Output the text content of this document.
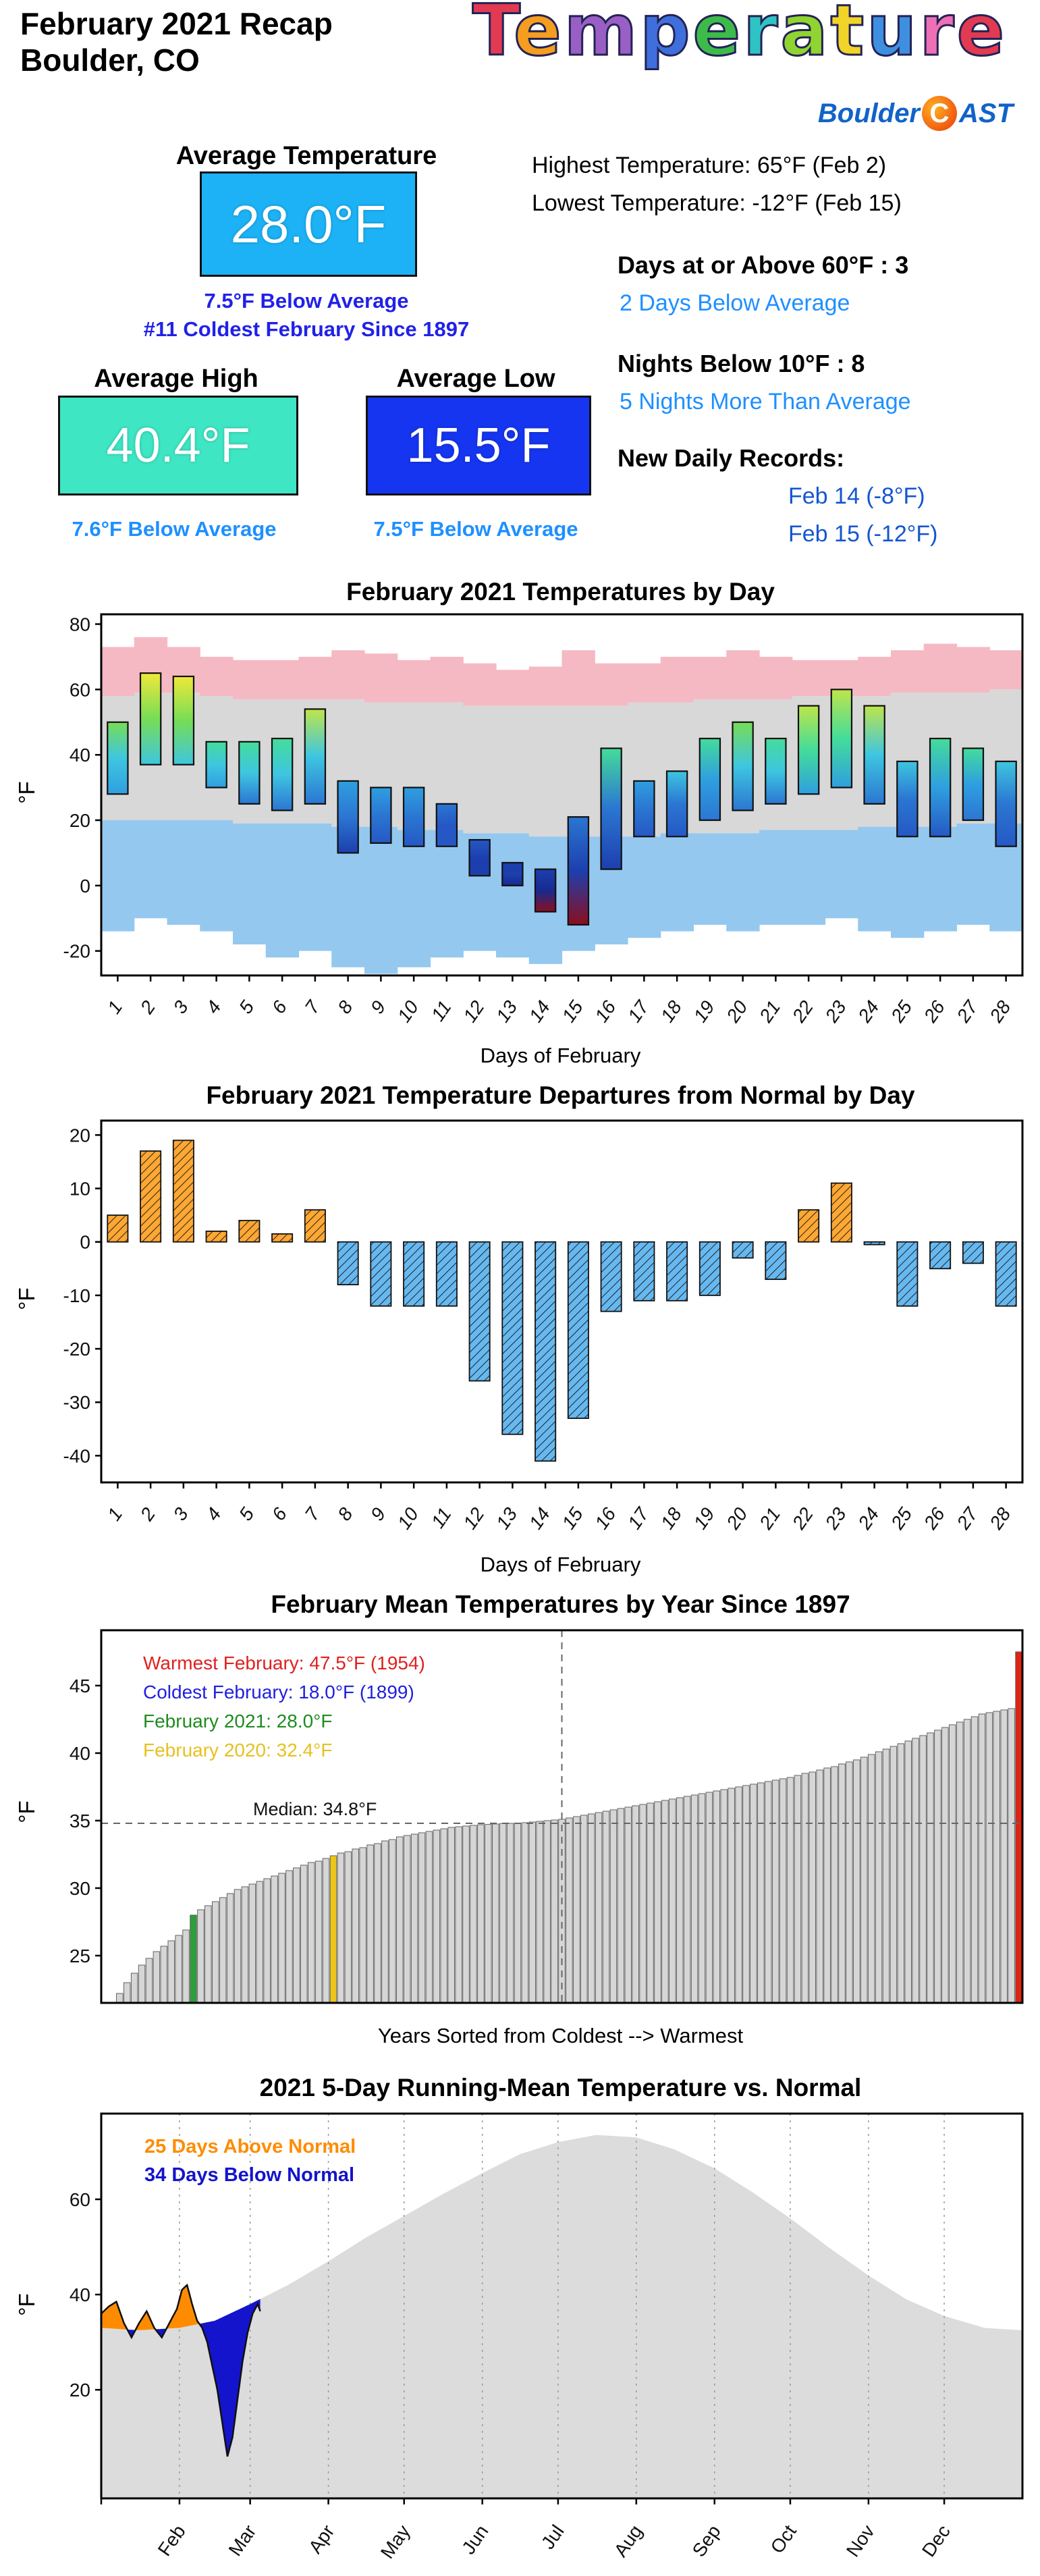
February 2021 Recap
Boulder, CO	Temperature
Boulder C AST
Average Temperature
28.0°F
7.5°F Below Average
#11 Coldest February Since 1897
Average High
40.4°F
7.6°F Below Average
Average Low
15.5°F
7.5°F Below Average
Highest Temperature: 65°F (Feb 2)
Lowest Temperature: -12°F (Feb 15)
Days at or Above 60°F : 3
2 Days Below Average
Nights Below 10°F : 8
5 Nights More Than Average
New Daily Records:
Feb 14 (-8°F)
Feb 15 (-12°F)
February 2021 Temperatures by Day
80
60
40
20
0
-20
1 2 3 4 5 6 7 8 9 10 11 12 13 14 15 16 17 18 19 20 21 22 23 24 25 26 27 28
°F
Days of February
February 2021 Temperature Departures from Normal by Day
20
10
0
-10
-20
-30
-40
1 2 3 4 5 6 7 8 9 10 11 12 13 14 15 16 17 18 19 20 21 22 23 24 25 26 27 28
°F
Days of February
February Mean Temperatures by Year Since 1897
Median: 34.8°F
Warmest February: 47.5°F (1954)
Coldest February: 18.0°F (1899)
February 2021: 28.0°F
February 2020: 32.4°F
25
30
35
40
45
°F
Years Sorted from Coldest --> Warmest
2021 5-Day Running-Mean Temperature vs. Normal
20
40
60
Feb Mar Apr May Jun Jul Aug Sep Oct Nov Dec
25 Days Above Normal
34 Days Below Normal
°F
